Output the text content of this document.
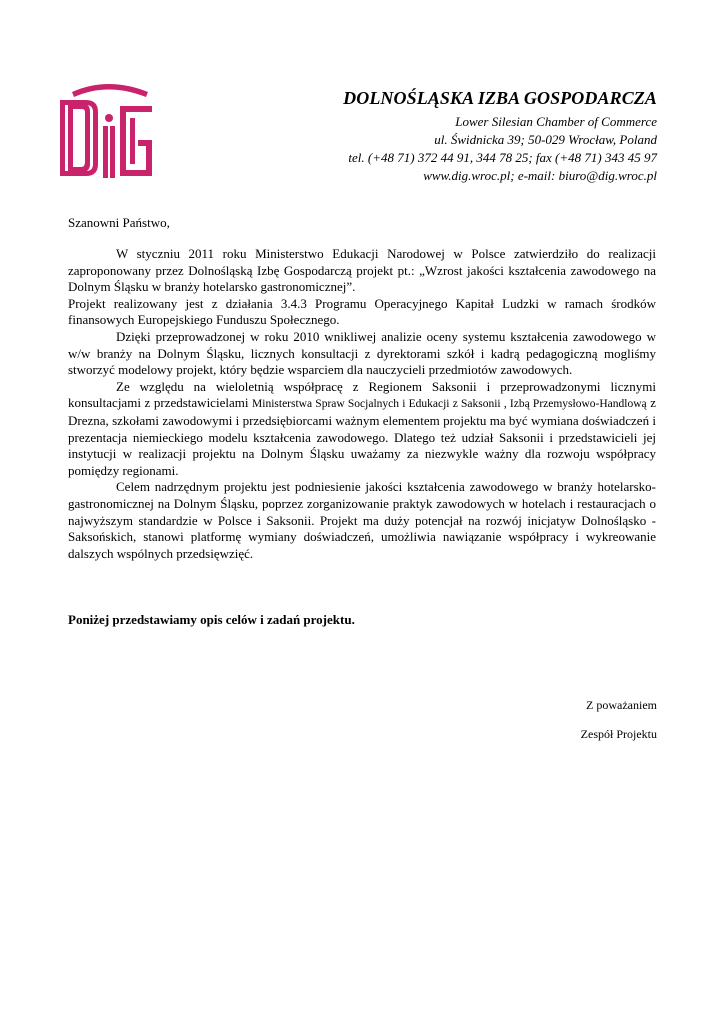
DOLNOŚLĄSKA IZBA GOSPODARCZA
Lower Silesian Chamber of Commerce
ul. Świdnicka 39; 50-029 Wrocław, Poland
tel. (+48 71) 372 44 91, 344 78 25; fax (+48 71) 343 45 97
www.dig.wroc.pl; e-mail: biuro@dig.wroc.pl
Szanowni Państwo,

W styczniu 2011 roku Ministerstwo Edukacji Narodowej w Polsce zatwierdziło do realizacji zaproponowany przez Dolnośląską Izbę Gospodarczą projekt pt.: „Wzrost jakości kształcenia zawodowego na Dolnym Śląsku w branży hotelarsko gastronomicznej”.

Projekt realizowany jest z działania 3.4.3 Programu Operacyjnego Kapitał Ludzki w ramach środków finansowych Europejskiego Funduszu Społecznego.

Dzięki przeprowadzonej w roku 2010 wnikliwej analizie oceny systemu kształcenia zawodowego w w/w branży na Dolnym Śląsku, licznych konsultacji z dyrektorami szkół i kadrą pedagogiczną mogliśmy stworzyć modelowy projekt, który będzie wsparciem dla nauczycieli przedmiotów zawodowych.

Ze względu na wieloletnią współpracę z Regionem Saksonii i przeprowadzonymi licznymi konsultacjami z przedstawicielami Ministerstwa Spraw Socjalnych i Edukacji z Saksonii , Izbą Przemysłowo-Handlową z Drezna, szkołami zawodowymi i przedsiębiorcami ważnym elementem projektu ma być wymiana doświadczeń i prezentacja niemieckiego modelu kształcenia zawodowego. Dlatego też udział Saksonii i przedstawicieli jej instytucji w realizacji projektu na Dolnym Śląsku uważamy za niezwykle ważny dla rozwoju współpracy pomiędzy regionami.

Celem nadrzędnym projektu jest podniesienie jakości kształcenia zawodowego w branży hotelarsko-gastronomicznej na Dolnym Śląsku, poprzez zorganizowanie praktyk zawodowych w hotelach i restauracjach o najwyższym standardzie w Polsce i Saksonii. Projekt ma duży potencjał na rozwój inicjatyw Dolnośląsko - Saksońskich, stanowi platformę wymiany doświadczeń, umożliwia nawiązanie współpracy i wykreowanie dalszych wspólnych przedsięwzięć.

Poniżej przedstawiamy opis celów i zadań projektu.
Z poważaniem
Zespół Projektu
